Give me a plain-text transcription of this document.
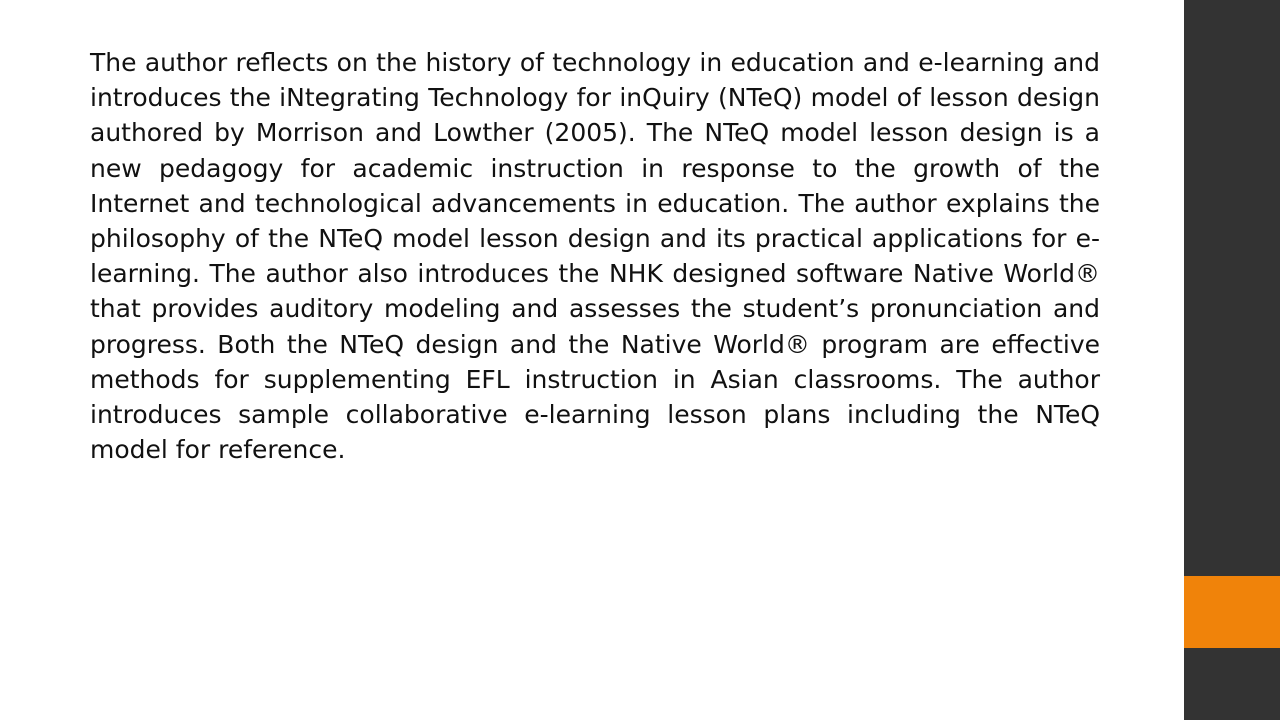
The author reflects on the history of technology in education and e-learning and introduces the iNtegrating Technology for inQuiry (NTeQ) model of lesson design authored by Morrison and Lowther (2005). The NTeQ model lesson design is a new pedagogy for academic instruction in response to the growth of the Internet and technological advancements in education. The author explains the philosophy of the NTeQ model lesson design and its practical applications for e-learning. The author also introduces the NHK designed software Native World® that provides auditory modeling and assesses the student’s pronunciation and progress. Both the NTeQ design and the Native World® program are effective methods for supplementing EFL instruction in Asian classrooms. The author introduces sample collaborative e-learning lesson plans including the NTeQ model for reference.
